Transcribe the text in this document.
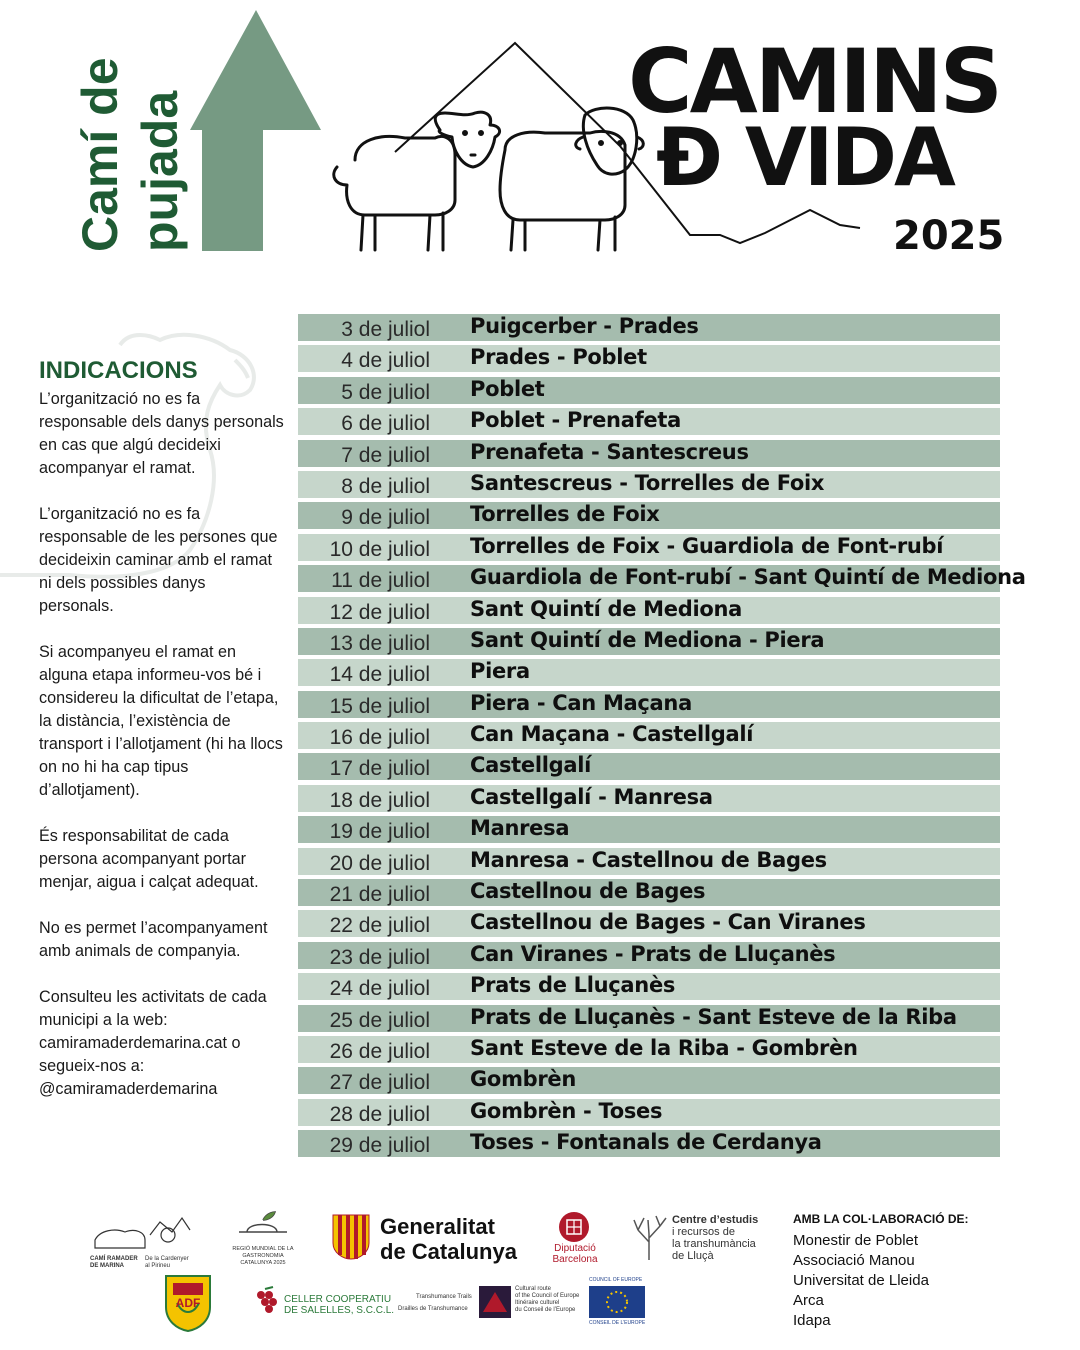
Camí de pujada
CAMINS
Đ VIDA
2025
INDICACIONS

L’organització no es fa responsable dels danys personals en cas que algú decideixi acompanyar el ramat.

L’organització no es fa responsable de les persones que decideixin caminar amb el ramat ni dels possibles danys personals.

Si acompanyeu el ramat en alguna etapa informeu-vos bé i considereu la dificultat de l’etapa, la distància, l’existència de transport i l’allotjament (hi ha llocs on no hi ha cap tipus d’allotjament).

És responsabilitat de cada persona acompanyant portar menjar, aigua i calçat adequat.

No es permet l’acompanyament amb animals de companyia.

Consulteu les activitats de cada municipi a la web: camiramaderdemarina.cat o segueix-nos a: @camiramaderdemarina

3 de juliol Puigcerber - Prades
4 de juliol Prades - Poblet
5 de juliol Poblet
6 de juliol Poblet - Prenafeta
7 de juliol Prenafeta - Santescreus
8 de juliol Santescreus - Torrelles de Foix
9 de juliol Torrelles de Foix
10 de juliol Torrelles de Foix - Guardiola de Font-rubí
11 de juliol Guardiola de Font-rubí - Sant Quintí de Mediona
12 de juliol Sant Quintí de Mediona
13 de juliol Sant Quintí de Mediona - Piera
14 de juliol Piera
15 de juliol Piera - Can Maçana
16 de juliol Can Maçana - Castellgalí
17 de juliol Castellgalí
18 de juliol Castellgalí - Manresa
19 de juliol Manresa
20 de juliol Manresa - Castellnou de Bages
21 de juliol Castellnou de Bages
22 de juliol Castellnou de Bages - Can Viranes
23 de juliol Can Viranes - Prats de Lluçanès
24 de juliol Prats de Lluçanès
25 de juliol Prats de Lluçanès - Sant Esteve de la Riba
26 de juliol Sant Esteve de la Riba - Gombrèn
27 de juliol Gombrèn
28 de juliol Gombrèn - Toses
29 de juliol Toses - Fontanals de Cerdanya
CAMÍ RAMADER
DE MARINA
De la Cardenyer
al Pirineu
REGIÓ MUNDIAL DE LA GASTRONOMIA
CATALUNYA 2025
Generalitat
de Catalunya	Diputació
Barcelona
Centre d’estudis
i recursos de
la transhumància
de Lluçà
ADF	CELLER COOPERATIU
DE SALELLES, S.C.C.L.
Transhumance Trails
Drailles de Transhumance
Cultural route
of the Council of Europe
Itinéraire culturel
du Conseil de l’Europe
COUNCIL OF EUROPE
CONSEIL DE L’EUROPE
AMB LA COL·LABORACIÓ DE:
Monestir de Poblet
Associació Manou
Universitat de Lleida
Arca
Idapa
